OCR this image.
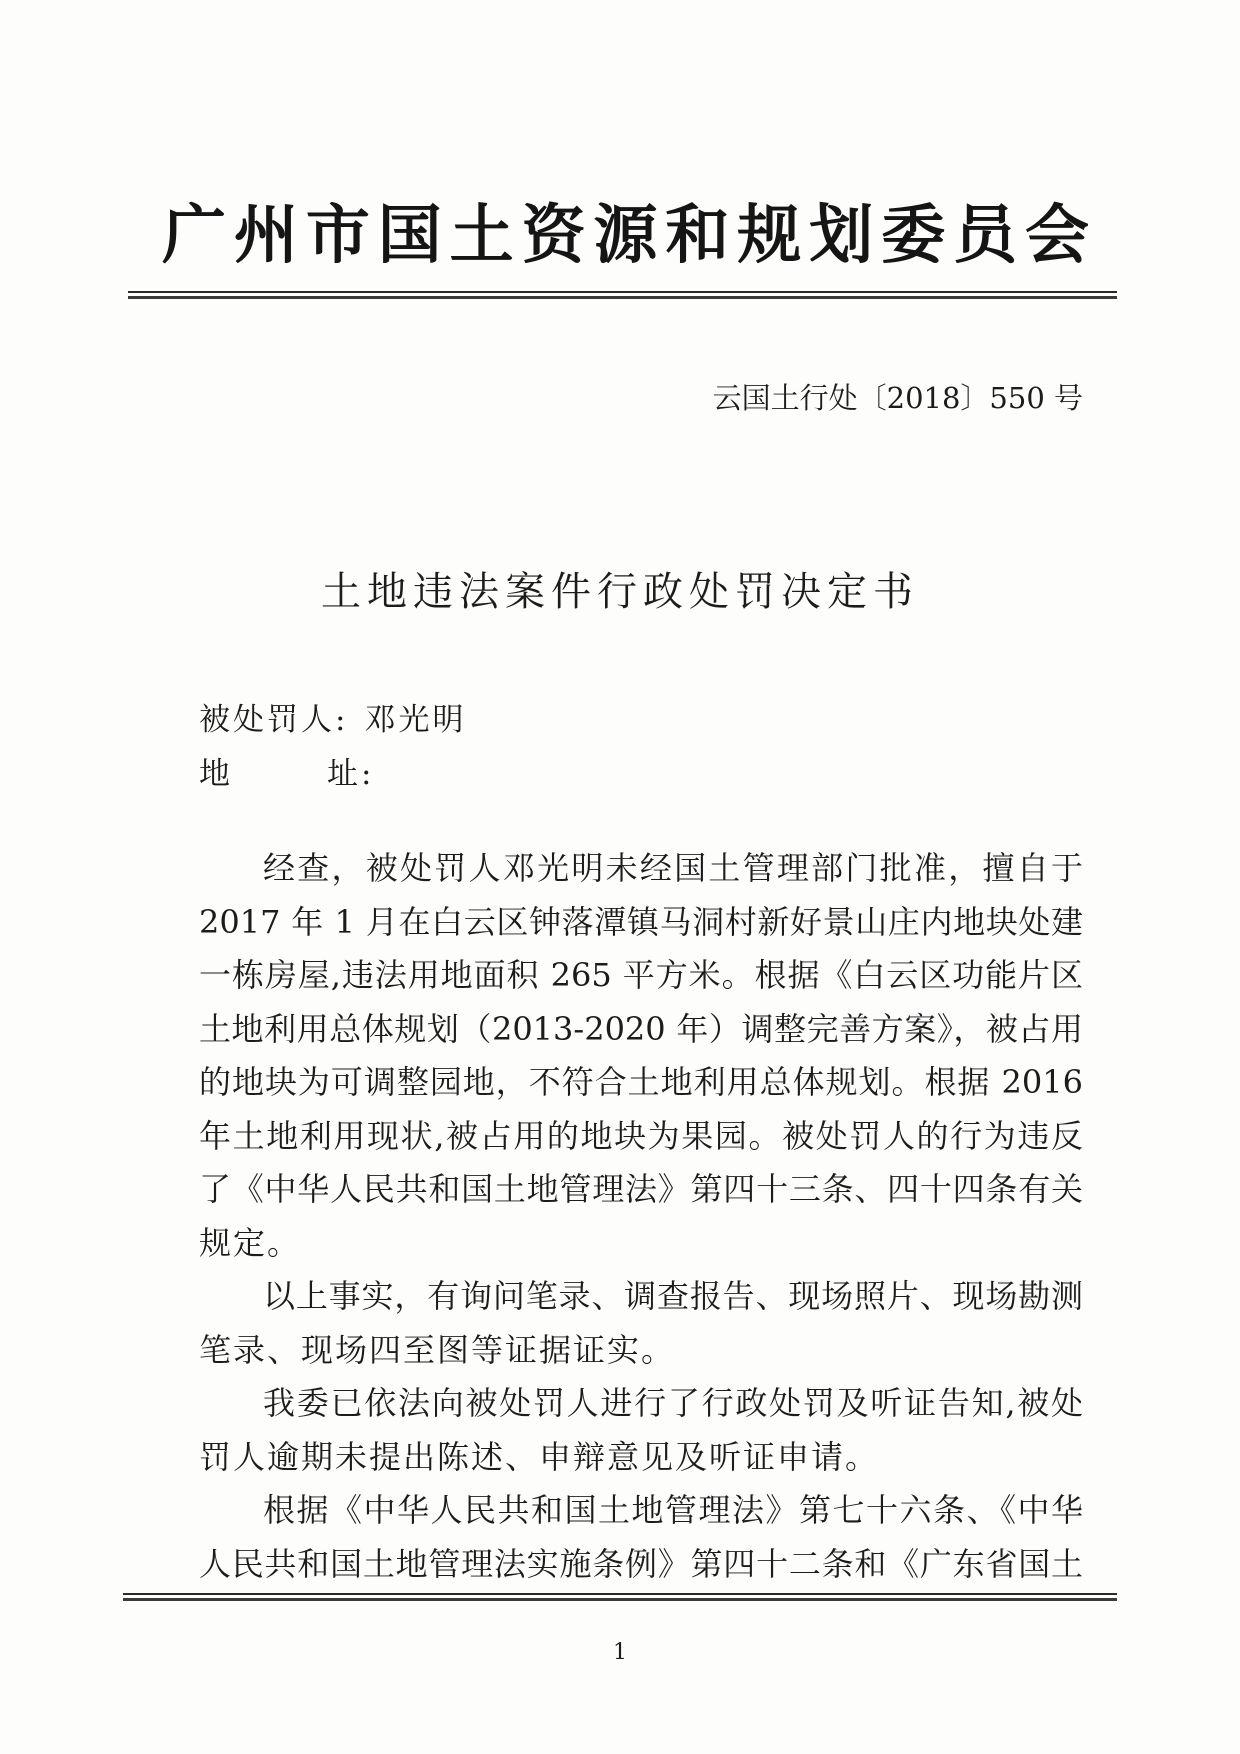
广州市国土资源和规划委员会
云国土行处〔2018〕550 号
土地违法案件行政处罚决定书
被处罚人: 邓光明
地	址:
经查，被处罚人邓光明未经国土管理部门批准，擅自于
2017 年 1 月在白云区钟落潭镇马洞村新好景山庄内地块处建
一栋房屋,违法用地面积 265 平方米。根据《白云区功能片区
土地利用总体规划（2013-2020 年）调整完善方案》，被占用
的地块为可调整园地，不符合土地利用总体规划。根据 2016
年土地利用现状,被占用的地块为果园。被处罚人的行为违反
了《中华人民共和国土地管理法》第四十三条、四十四条有关
规定。
以上事实，有询问笔录、调查报告、现场照片、现场勘测
笔录、现场四至图等证据证实。
我委已依法向被处罚人进行了行政处罚及听证告知,被处
罚人逾期未提出陈述、申辩意见及听证申请。
根据《中华人民共和国土地管理法》第七十六条、《中华
人民共和国土地管理法实施条例》第四十二条和《广东省国土
1
